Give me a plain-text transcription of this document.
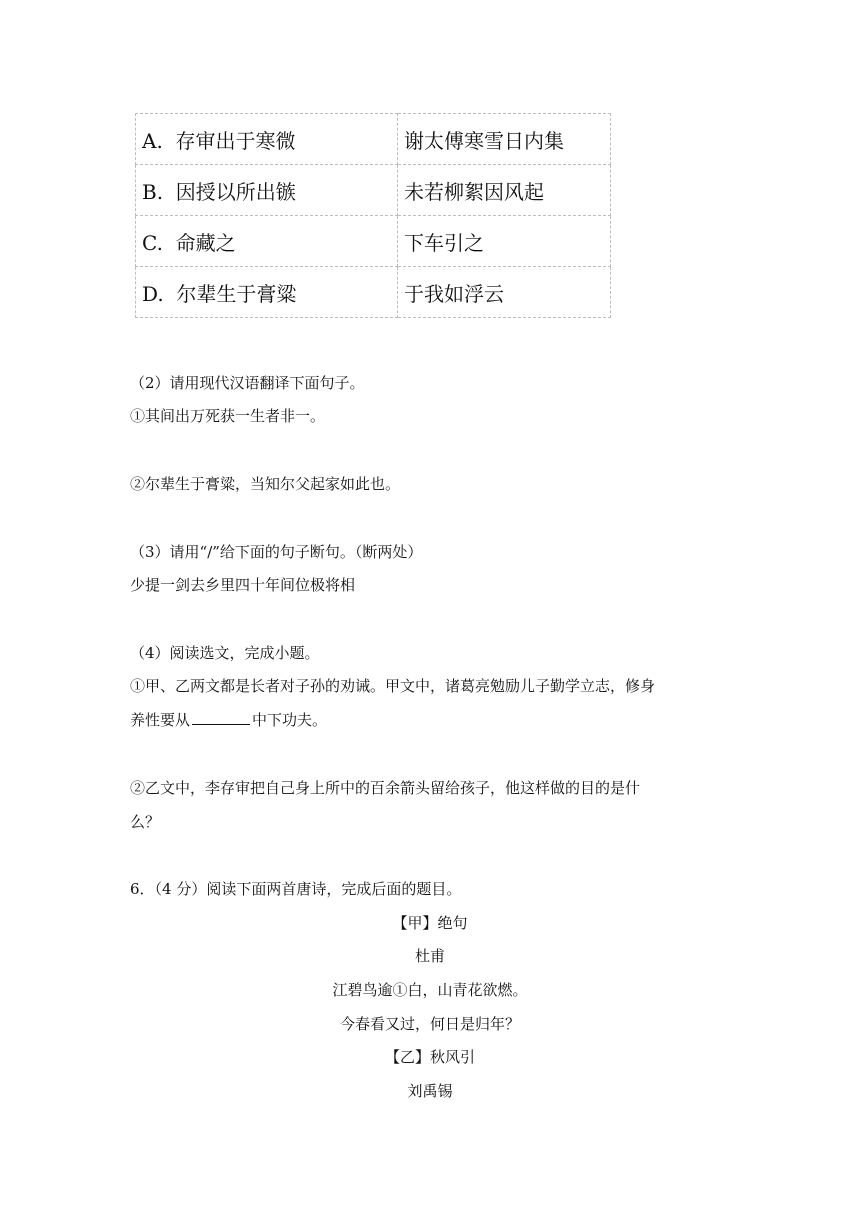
A. 存审出于寒微	谢太傅寒雪日内集
B. 因授以所出镞	未若柳絮因风起
C. 命藏之	下车引之
D. 尔辈生于膏粱	于我如浮云
（2）请用现代汉语翻译下面句子。
①其间出万死获一生者非一。
②尔辈生于膏粱，当知尔父起家如此也。
（3）请用“/”给下面的句子断句。（断两处）
少提一剑去乡里四十年间位极将相
（4）阅读选文，完成小题。
①甲、乙两文都是长者对子孙的劝诫。甲文中，诸葛亮勉励儿子勤学立志，修身
养性要从	中下功夫。
②乙文中，李存审把自己身上所中的百余箭头留给孩子，他这样做的目的是什
么？
6．（4 分）阅读下面两首唐诗，完成后面的题目。
【甲】绝句
杜甫
江碧鸟逾①白，山青花欲燃。
今春看又过，何日是归年？
【乙】秋风引
刘禹锡
